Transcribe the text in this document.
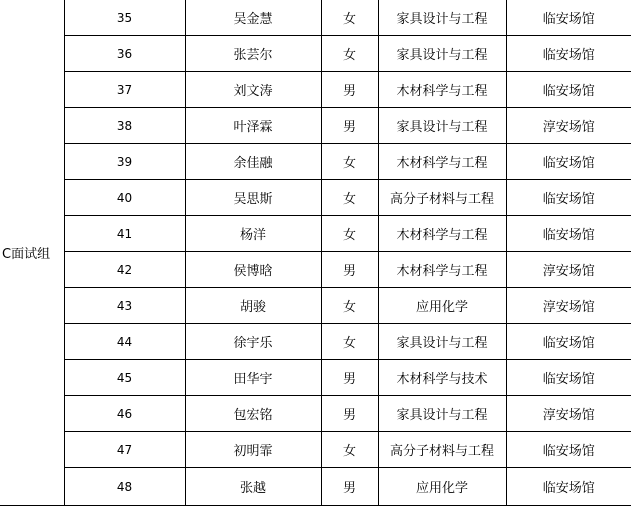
C面试组	35	吴金慧	女	家具设计与工程	临安场馆
	36	张芸尔	女	家具设计与工程	临安场馆
	37	刘文涛	男	木材科学与工程	临安场馆
	38	叶泽霖	男	家具设计与工程	淳安场馆
	39	余佳融	女	木材科学与工程	临安场馆
	40	吴思斯	女	高分子材料与工程	临安场馆
	41	杨洋	女	木材科学与工程	临安场馆
	42	侯博晗	男	木材科学与工程	淳安场馆
	43	胡骏	女	应用化学	淳安场馆
	44	徐宇乐	女	家具设计与工程	临安场馆
	45	田华宇	男	木材科学与技术	临安场馆
	46	包宏铭	男	家具设计与工程	淳安场馆
	47	初明霏	女	高分子材料与工程	临安场馆
	48	张越	男	应用化学	临安场馆
